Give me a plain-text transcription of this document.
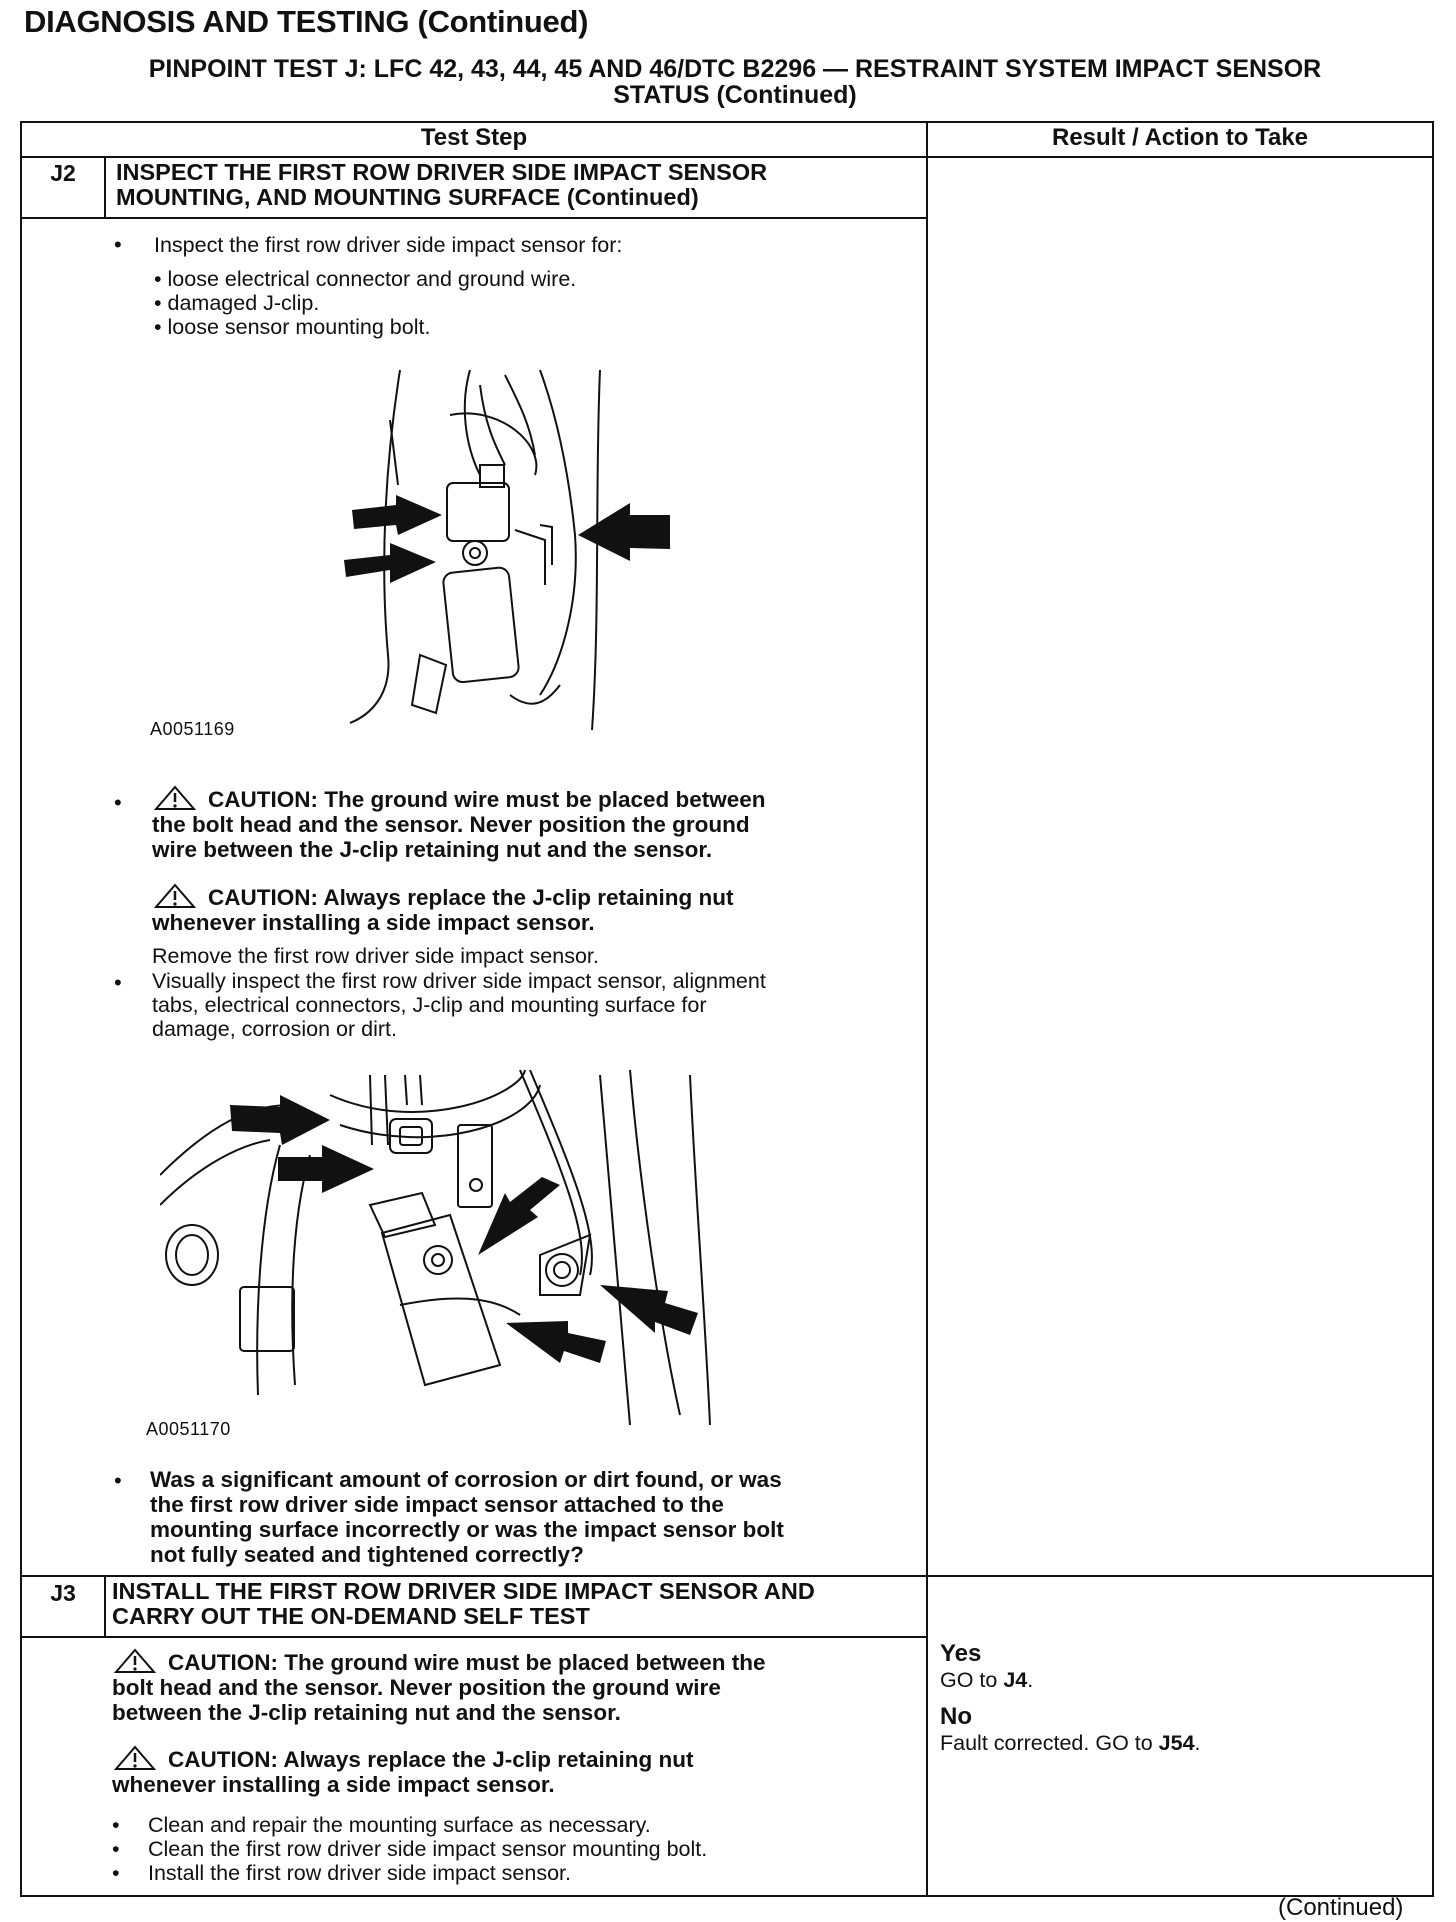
DIAGNOSIS AND TESTING (Continued)
PINPOINT TEST J: LFC 42, 43, 44, 45 AND 46/DTC B2296 — RESTRAINT SYSTEM IMPACT SENSOR
STATUS (Continued)
Test Step	Result / Action to Take
J2	INSPECT THE FIRST ROW DRIVER SIDE IMPACT SENSOR
MOUNTING, AND MOUNTING SURFACE (Continued)
• Inspect the first row driver side impact sensor for:
• loose electrical connector and ground wire.
• damaged J-clip.
• loose sensor mounting bolt.
A0051169
•	CAUTION: The ground wire must be placed between
the bolt head and the sensor. Never position the ground
wire between the J-clip retaining nut and the sensor.
CAUTION: Always replace the J-clip retaining nut
whenever installing a side impact sensor.
Remove the first row driver side impact sensor.
• Visually inspect the first row driver side impact sensor, alignment
tabs, electrical connectors, J-clip and mounting surface for
damage, corrosion or dirt.
A0051170
• Was a significant amount of corrosion or dirt found, or was
the first row driver side impact sensor attached to the
mounting surface incorrectly or was the impact sensor bolt
not fully seated and tightened correctly?
J3	INSTALL THE FIRST ROW DRIVER SIDE IMPACT SENSOR AND
CARRY OUT THE ON-DEMAND SELF TEST
CAUTION: The ground wire must be placed between the
bolt head and the sensor. Never position the ground wire
between the J-clip retaining nut and the sensor.
CAUTION: Always replace the J-clip retaining nut
whenever installing a side impact sensor.
• Clean and repair the mounting surface as necessary.
• Clean the first row driver side impact sensor mounting bolt.
• Install the first row driver side impact sensor.
Yes
GO to J4.
No
Fault corrected. GO to J54.
(Continued)
